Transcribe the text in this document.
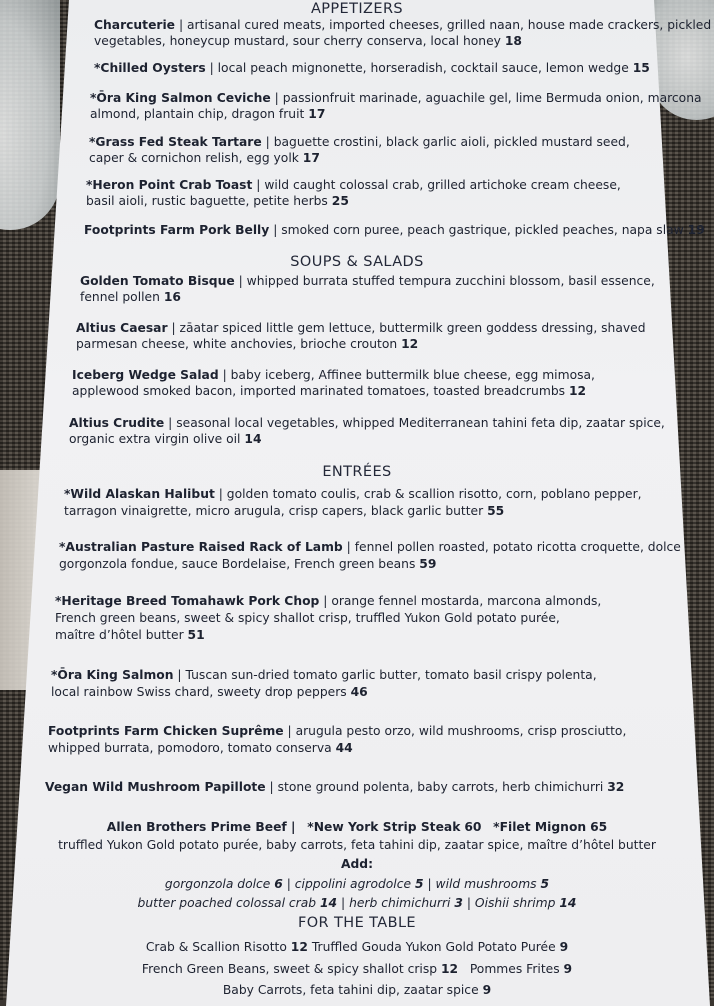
APPETIZERS
Charcuterie | artisanal cured meats, imported cheeses, grilled naan, house made crackers, pickled
vegetables, honeycup mustard, sour cherry conserva, local honey 18
*Chilled Oysters | local peach mignonette, horseradish, cocktail sauce, lemon wedge 15
*Ōra King Salmon Ceviche | passionfruit marinade, aguachile gel, lime Bermuda onion, marcona
almond, plantain chip, dragon fruit 17
*Grass Fed Steak Tartare | baguette crostini, black garlic aioli, pickled mustard seed,
caper & cornichon relish, egg yolk 17
*Heron Point Crab Toast | wild caught colossal crab, grilled artichoke cream cheese,
basil aioli, rustic baguette, petite herbs 25
Footprints Farm Pork Belly | smoked corn puree, peach gastrique, pickled peaches, napa slaw 19
SOUPS & SALADS
Golden Tomato Bisque | whipped burrata stuffed tempura zucchini blossom, basil essence,
fennel pollen 16
Altius Caesar | zāatar spiced little gem lettuce, buttermilk green goddess dressing, shaved
parmesan cheese, white anchovies, brioche crouton 12
Iceberg Wedge Salad | baby iceberg, Affinee buttermilk blue cheese, egg mimosa,
applewood smoked bacon, imported marinated tomatoes, toasted breadcrumbs 12
Altius Crudite | seasonal local vegetables, whipped Mediterranean tahini feta dip, zaatar spice,
organic extra virgin olive oil 14
ENTRÉES
*Wild Alaskan Halibut | golden tomato coulis, crab & scallion risotto, corn, poblano pepper,
tarragon vinaigrette, micro arugula, crisp capers, black garlic butter 55
*Australian Pasture Raised Rack of Lamb | fennel pollen roasted, potato ricotta croquette, dolce
gorgonzola fondue, sauce Bordelaise, French green beans 59
*Heritage Breed Tomahawk Pork Chop | orange fennel mostarda, marcona almonds,
French green beans, sweet & spicy shallot crisp, truffled Yukon Gold potato purée,
maître d’hôtel butter 51
*Ōra King Salmon | Tuscan sun-dried tomato garlic butter, tomato basil crispy polenta,
local rainbow Swiss chard, sweety drop peppers 46
Footprints Farm Chicken Suprême | arugula pesto orzo, wild mushrooms, crisp prosciutto,
whipped burrata, pomodoro, tomato conserva 44
Vegan Wild Mushroom Papillote | stone ground polenta, baby carrots, herb chimichurri 32
Allen Brothers Prime Beef | *New York Strip Steak 60 *Filet Mignon 65
truffled Yukon Gold potato purée, baby carrots, feta tahini dip, zaatar spice, maître d’hôtel butter
Add:
gorgonzola dolce 6 | cippolini agrodolce 5 | wild mushrooms 5
butter poached colossal crab 14 | herb chimichurri 3 | Oishii shrimp 14
FOR THE TABLE
Crab & Scallion Risotto 12 Truffled Gouda Yukon Gold Potato Purée 9
French Green Beans, sweet & spicy shallot crisp 12 Pommes Frites 9
Baby Carrots, feta tahini dip, zaatar spice 9
